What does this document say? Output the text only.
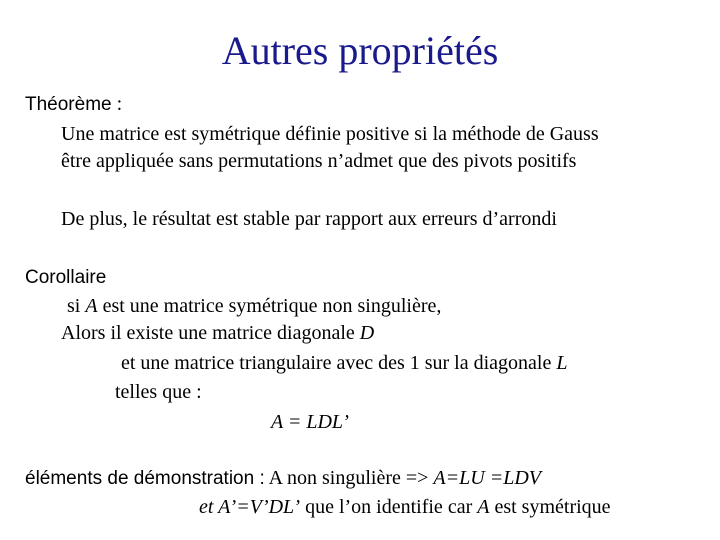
Autres propriétés
Théorème :
Une matrice est symétrique définie positive si la méthode de Gauss
être appliquée sans permutations n’admet que des pivots positifs
De plus, le résultat est stable par rapport aux erreurs d’arrondi
Corollaire
si A est une matrice symétrique non singulière,
Alors il existe une matrice diagonale D
et une matrice triangulaire avec des 1 sur la diagonale L
telles que :
A = LDL’
éléments de démonstration : A non singulière => A=LU =LDV
et A’=V’DL’ que l’on identifie car A est symétrique
